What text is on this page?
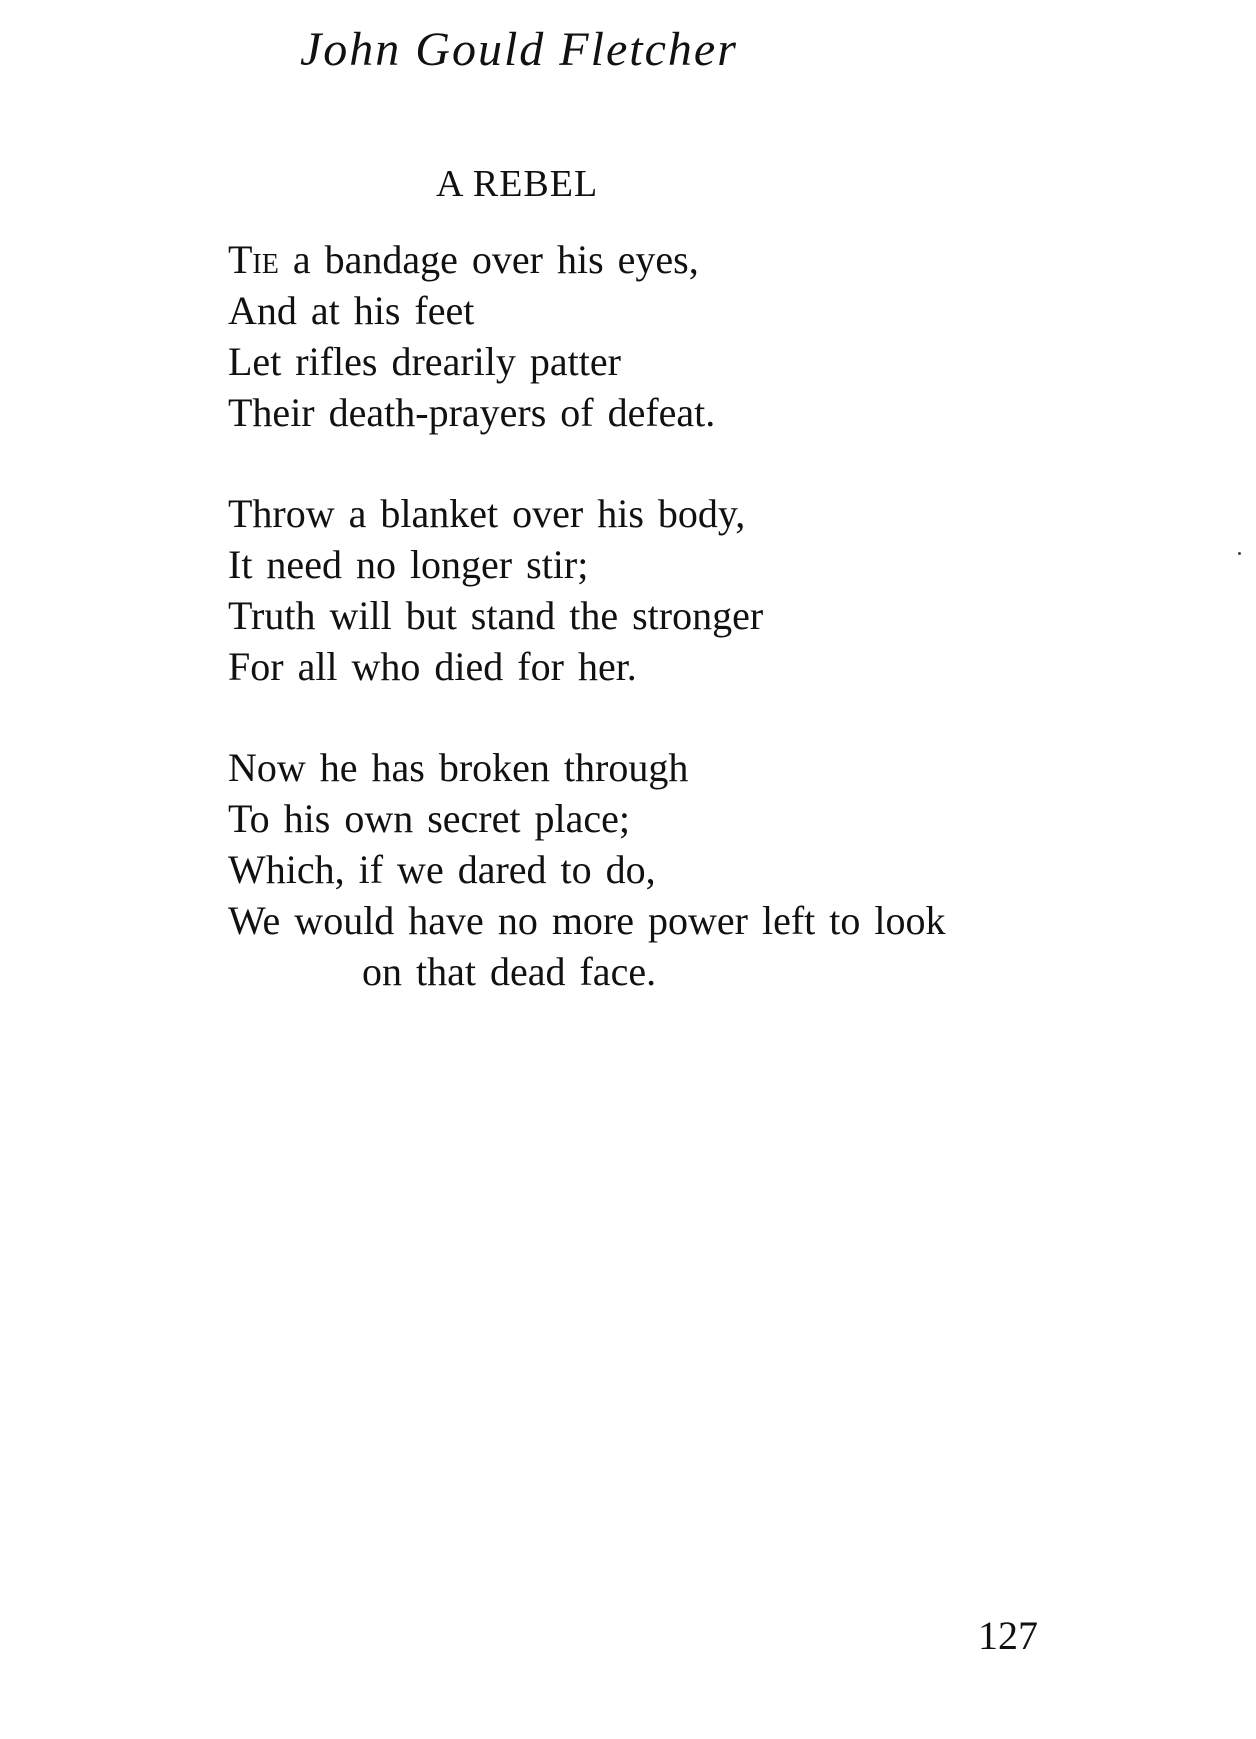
John Gould Fletcher
A REBEL
Tie a bandage over his eyes,
And at his feet
Let rifles drearily patter
Their death-prayers of defeat.
Throw a blanket over his body,
It need no longer stir;
Truth will but stand the stronger
For all who died for her.
Now he has broken through
To his own secret place;
Which, if we dared to do,
We would have no more power left to look
on that dead face.
127
